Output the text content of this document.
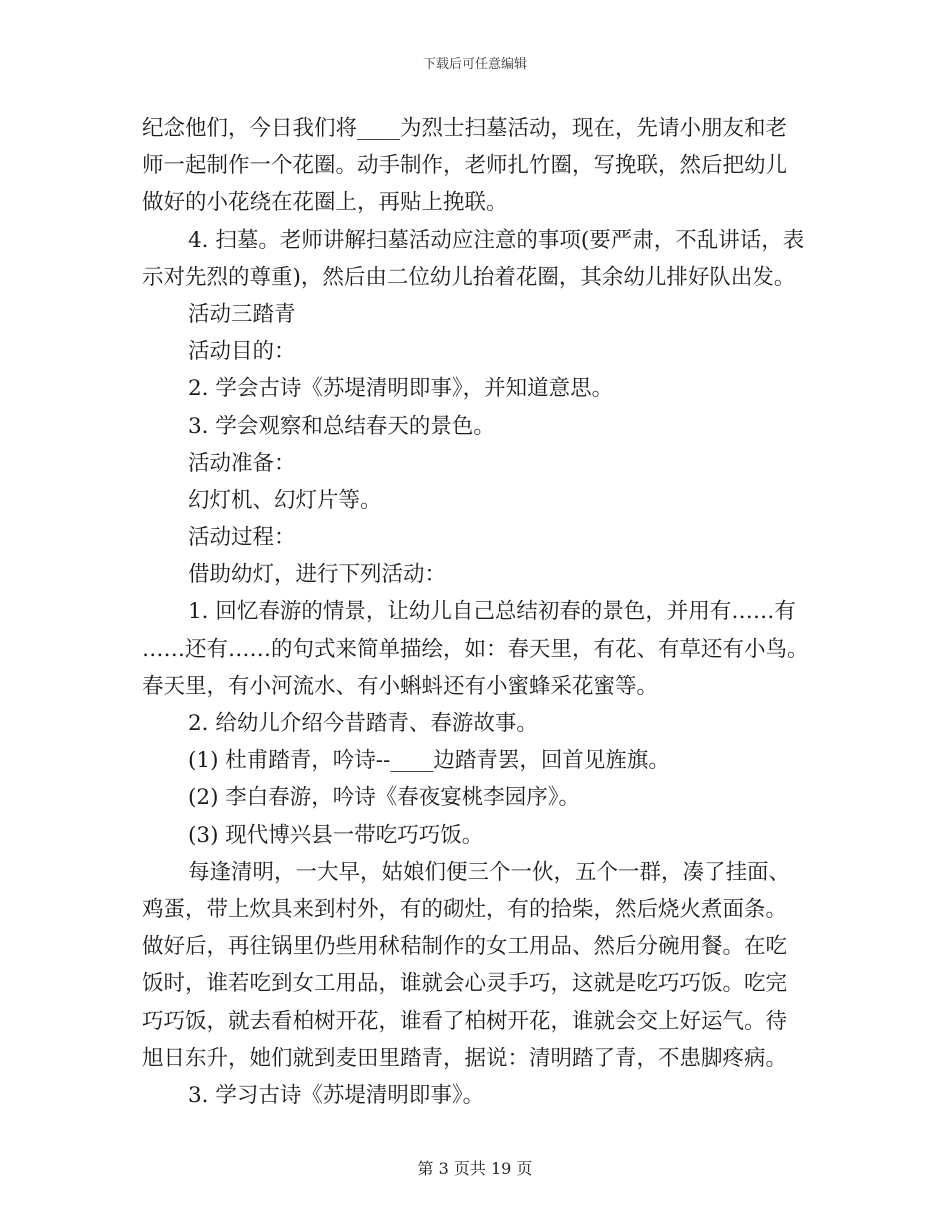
下载后可任意编辑
纪念他们，今日我们将____为烈士扫墓活动，现在，先请小朋友和老
师一起制作一个花圈。动手制作，老师扎竹圈，写挽联，然后把幼儿
做好的小花绕在花圈上，再贴上挽联。
4. 扫墓。老师讲解扫墓活动应注意的事项(要严肃，不乱讲话，表
示对先烈的尊重)，然后由二位幼儿抬着花圈，其余幼儿排好队出发。
活动三踏青
活动目的：
2. 学会古诗《苏堤清明即事》，并知道意思。
3. 学会观察和总结春天的景色。
活动准备：
幻灯机、幻灯片等。
活动过程：
借助幼灯，进行下列活动：
1. 回忆春游的情景，让幼儿自己总结初春的景色，并用有……有
……还有……的句式来简单描绘，如：春天里，有花、有草还有小鸟。
春天里，有小河流水、有小蝌蚪还有小蜜蜂采花蜜等。
2. 给幼儿介绍今昔踏青、春游故事。
(1) 杜甫踏青，吟诗--____边踏青罢，回首见旌旗。
(2) 李白春游，吟诗《春夜宴桃李园序》。
(3) 现代博兴县一带吃巧巧饭。
每逢清明，一大早，姑娘们便三个一伙，五个一群，凑了挂面、
鸡蛋，带上炊具来到村外，有的砌灶，有的拾柴，然后烧火煮面条。
做好后，再往锅里仍些用秫秸制作的女工用品、然后分碗用餐。在吃
饭时，谁若吃到女工用品，谁就会心灵手巧，这就是吃巧巧饭。吃完
巧巧饭，就去看柏树开花，谁看了柏树开花，谁就会交上好运气。待
旭日东升，她们就到麦田里踏青，据说：清明踏了青，不患脚疼病。
3. 学习古诗《苏堤清明即事》。
第 3 页共 19 页
